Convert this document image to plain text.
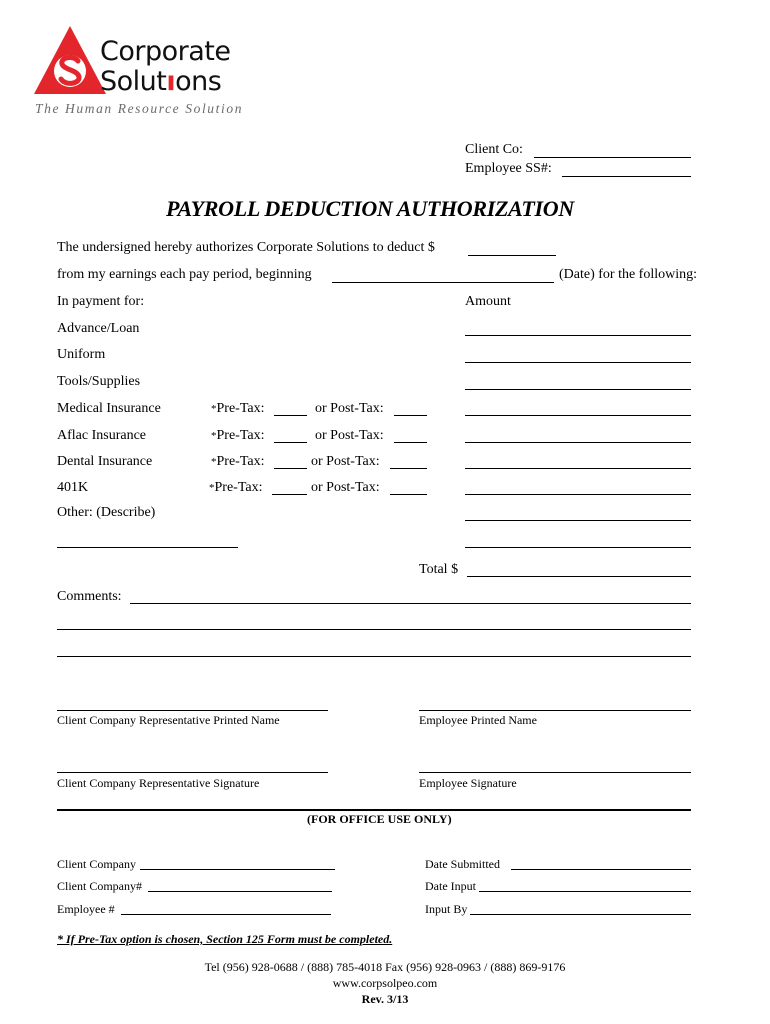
Corporate
Solutıons
The Human Resource Solution
Client Co:
Employee SS#:
PAYROLL DEDUCTION AUTHORIZATION
The undersigned hereby authorizes Corporate Solutions to deduct $
from my earnings each pay period, beginning	(Date) for the following:
In payment for:	Amount
Advance/Loan
Uniform
Tools/Supplies
Medical Insurance	*Pre-Tax:	or Post-Tax:
Aflac Insurance	*Pre-Tax:	or Post-Tax:
Dental Insurance	*Pre-Tax:	or Post-Tax:
401K	*Pre-Tax:	or Post-Tax:
Other: (Describe)
Total $
Comments:
Client Company Representative Printed Name	Employee Printed Name
Client Company Representative Signature	Employee Signature
(FOR OFFICE USE ONLY)
Client Company	Date Submitted
Client Company#	Date Input
Employee #	Input By
* If Pre-Tax option is chosen, Section 125 Form must be completed.
Tel (956) 928-0688 / (888) 785-4018 Fax (956) 928-0963 / (888) 869-9176
www.corpsolpeo.com
Rev. 3/13
